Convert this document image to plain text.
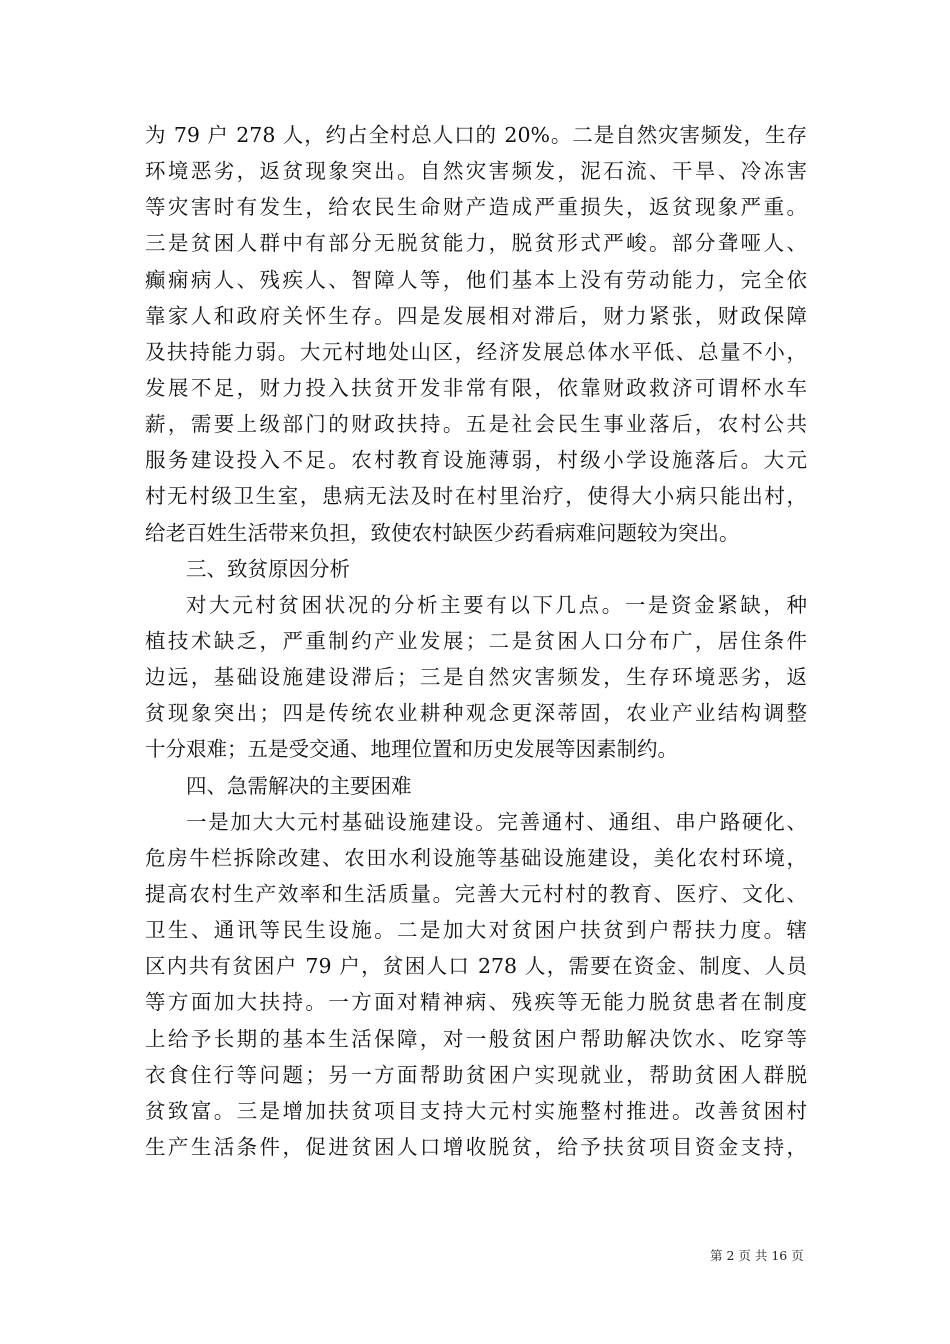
为 79 户 278 人，约占全村总人口的 20%。二是自然灾害频发，生存
环境恶劣，返贫现象突出。自然灾害频发，泥石流、干旱、冷冻害
等灾害时有发生，给农民生命财产造成严重损失，返贫现象严重。
三是贫困人群中有部分无脱贫能力，脱贫形式严峻。部分聋哑人、
癫痫病人、残疾人、智障人等，他们基本上没有劳动能力，完全依
靠家人和政府关怀生存。四是发展相对滞后，财力紧张，财政保障
及扶持能力弱。大元村地处山区，经济发展总体水平低、总量不小，
发展不足，财力投入扶贫开发非常有限，依靠财政救济可谓杯水车
薪，需要上级部门的财政扶持。五是社会民生事业落后，农村公共
服务建设投入不足。农村教育设施薄弱，村级小学设施落后。大元
村无村级卫生室，患病无法及时在村里治疗，使得大小病只能出村，
给老百姓生活带来负担，致使农村缺医少药看病难问题较为突出。
三、致贫原因分析
对大元村贫困状况的分析主要有以下几点。一是资金紧缺，种
植技术缺乏，严重制约产业发展；二是贫困人口分布广，居住条件
边远，基础设施建设滞后；三是自然灾害频发，生存环境恶劣，返
贫现象突出；四是传统农业耕种观念更深蒂固，农业产业结构调整
十分艰难；五是受交通、地理位置和历史发展等因素制约。
四、急需解决的主要困难
一是加大大元村基础设施建设。完善通村、通组、串户路硬化、
危房牛栏拆除改建、农田水利设施等基础设施建设，美化农村环境，
提高农村生产效率和生活质量。完善大元村村的教育、医疗、文化、
卫生、通讯等民生设施。二是加大对贫困户扶贫到户帮扶力度。辖
区内共有贫困户 79 户，贫困人口 278 人，需要在资金、制度、人员
等方面加大扶持。一方面对精神病、残疾等无能力脱贫患者在制度
上给予长期的基本生活保障，对一般贫困户帮助解决饮水、吃穿等
衣食住行等问题；另一方面帮助贫困户实现就业，帮助贫困人群脱
贫致富。三是增加扶贫项目支持大元村实施整村推进。改善贫困村
生产生活条件，促进贫困人口增收脱贫，给予扶贫项目资金支持，
第 2 页 共 16 页
